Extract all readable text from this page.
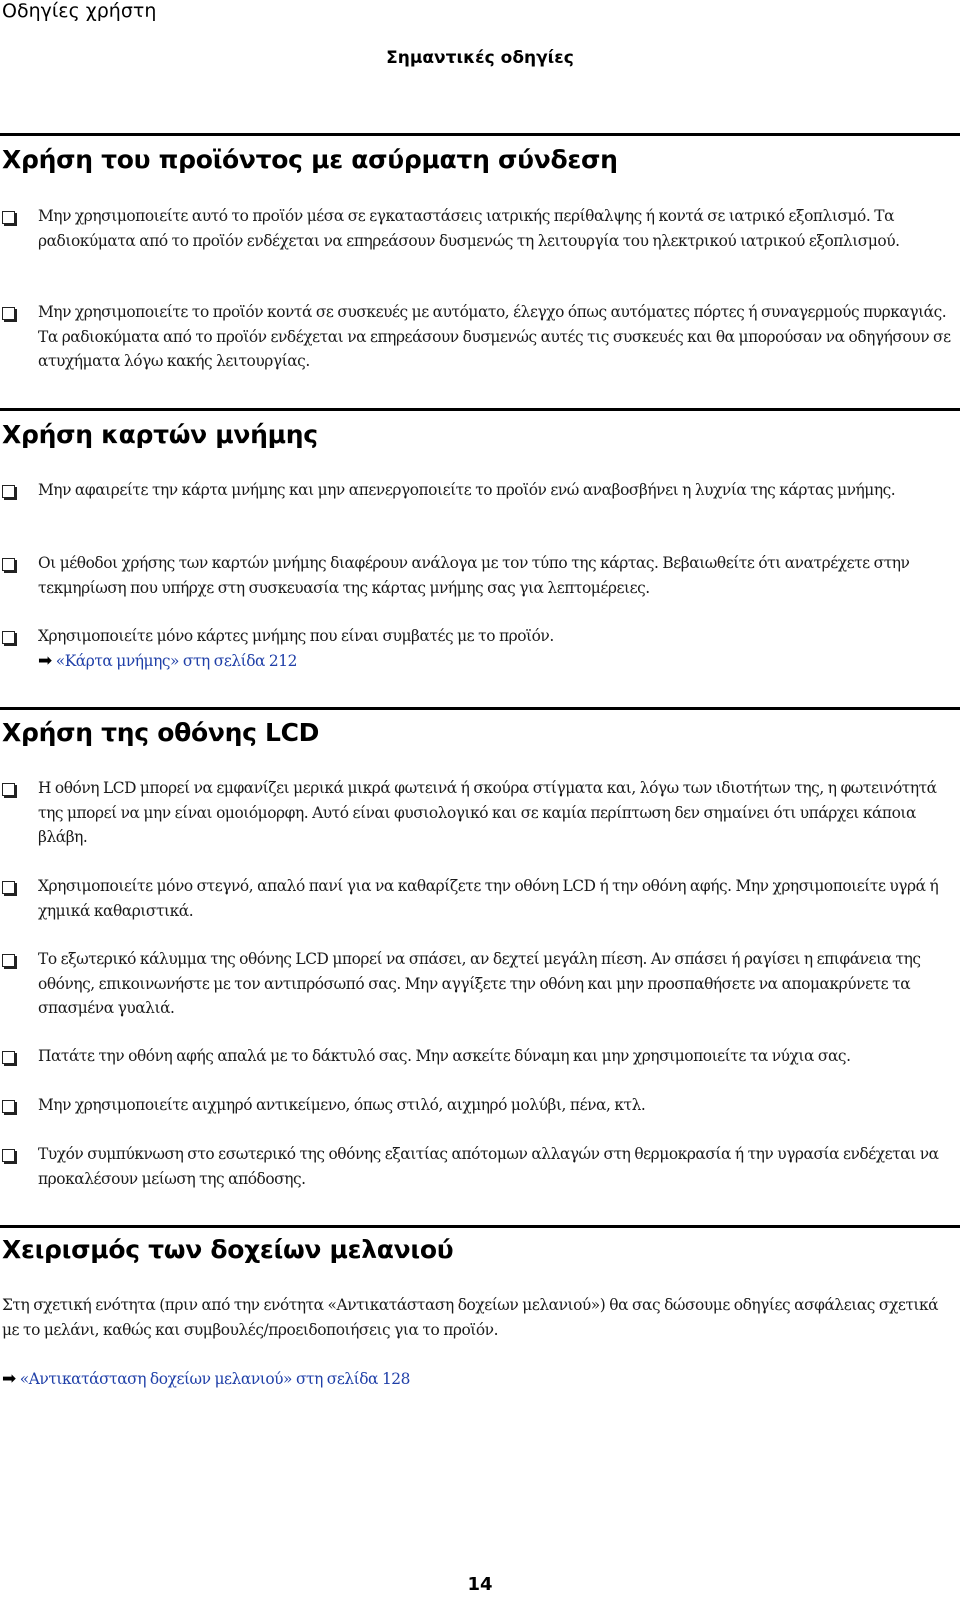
Οδηγίες χρήστη
Σημαντικές οδηγίες
Χρήση του προϊόντος με ασύρματη σύνδεση
Μην χρησιμοποιείτε αυτό το προϊόν μέσα σε εγκαταστάσεις ιατρικής περίθαλψης ή κοντά σε ιατρικό εξοπλισμό. Τα ραδιοκύματα από το προϊόν ενδέχεται να επηρεάσουν δυσμενώς τη λειτουργία του ηλεκτρικού ιατρικού εξοπλισμού.
Μην χρησιμοποιείτε το προϊόν κοντά σε συσκευές με αυτόματο, έλεγχο όπως αυτόματες πόρτες ή συναγερμούς πυρκαγιάς. Τα ραδιοκύματα από το προϊόν ενδέχεται να επηρεάσουν δυσμενώς αυτές τις συσκευές και θα μπορούσαν να οδηγήσουν σε ατυχήματα λόγω κακής λειτουργίας.
Χρήση καρτών μνήμης
Μην αφαιρείτε την κάρτα μνήμης και μην απενεργοποιείτε το προϊόν ενώ αναβοσβήνει η λυχνία της κάρτας μνήμης.
Οι μέθοδοι χρήσης των καρτών μνήμης διαφέρουν ανάλογα με τον τύπο της κάρτας. Βεβαιωθείτε ότι ανατρέχετε στην τεκμηρίωση που υπήρχε στη συσκευασία της κάρτας μνήμης σας για λεπτομέρειες.
Χρησιμοποιείτε μόνο κάρτες μνήμης που είναι συμβατές με το προϊόν.
➡ «Κάρτα μνήμης» στη σελίδα 212
Χρήση της οθόνης LCD
Η οθόνη LCD μπορεί να εμφανίζει μερικά μικρά φωτεινά ή σκούρα στίγματα και, λόγω των ιδιοτήτων της, η φωτεινότητά της μπορεί να μην είναι ομοιόμορφη. Αυτό είναι φυσιολογικό και σε καμία περίπτωση δεν σημαίνει ότι υπάρχει κάποια βλάβη.
Χρησιμοποιείτε μόνο στεγνό, απαλό πανί για να καθαρίζετε την οθόνη LCD ή την οθόνη αφής. Μην χρησιμοποιείτε υγρά ή χημικά καθαριστικά.
Το εξωτερικό κάλυμμα της οθόνης LCD μπορεί να σπάσει, αν δεχτεί μεγάλη πίεση. Αν σπάσει ή ραγίσει η επιφάνεια της οθόνης, επικοινωνήστε με τον αντιπρόσωπό σας. Μην αγγίξετε την οθόνη και μην προσπαθήσετε να απομακρύνετε τα σπασμένα γυαλιά.
Πατάτε την οθόνη αφής απαλά με το δάκτυλό σας. Μην ασκείτε δύναμη και μην χρησιμοποιείτε τα νύχια σας.
Μην χρησιμοποιείτε αιχμηρό αντικείμενο, όπως στιλό, αιχμηρό μολύβι, πένα, κτλ.
Τυχόν συμπύκνωση στο εσωτερικό της οθόνης εξαιτίας απότομων αλλαγών στη θερμοκρασία ή την υγρασία ενδέχεται να προκαλέσουν μείωση της απόδοσης.
Χειρισμός των δοχείων μελανιού
Στη σχετική ενότητα (πριν από την ενότητα «Αντικατάσταση δοχείων μελανιού») θα σας δώσουμε οδηγίες ασφάλειας σχετικά με το μελάνι, καθώς και συμβουλές/προειδοποιήσεις για το προϊόν.
➡ «Αντικατάσταση δοχείων μελανιού» στη σελίδα 128
14
